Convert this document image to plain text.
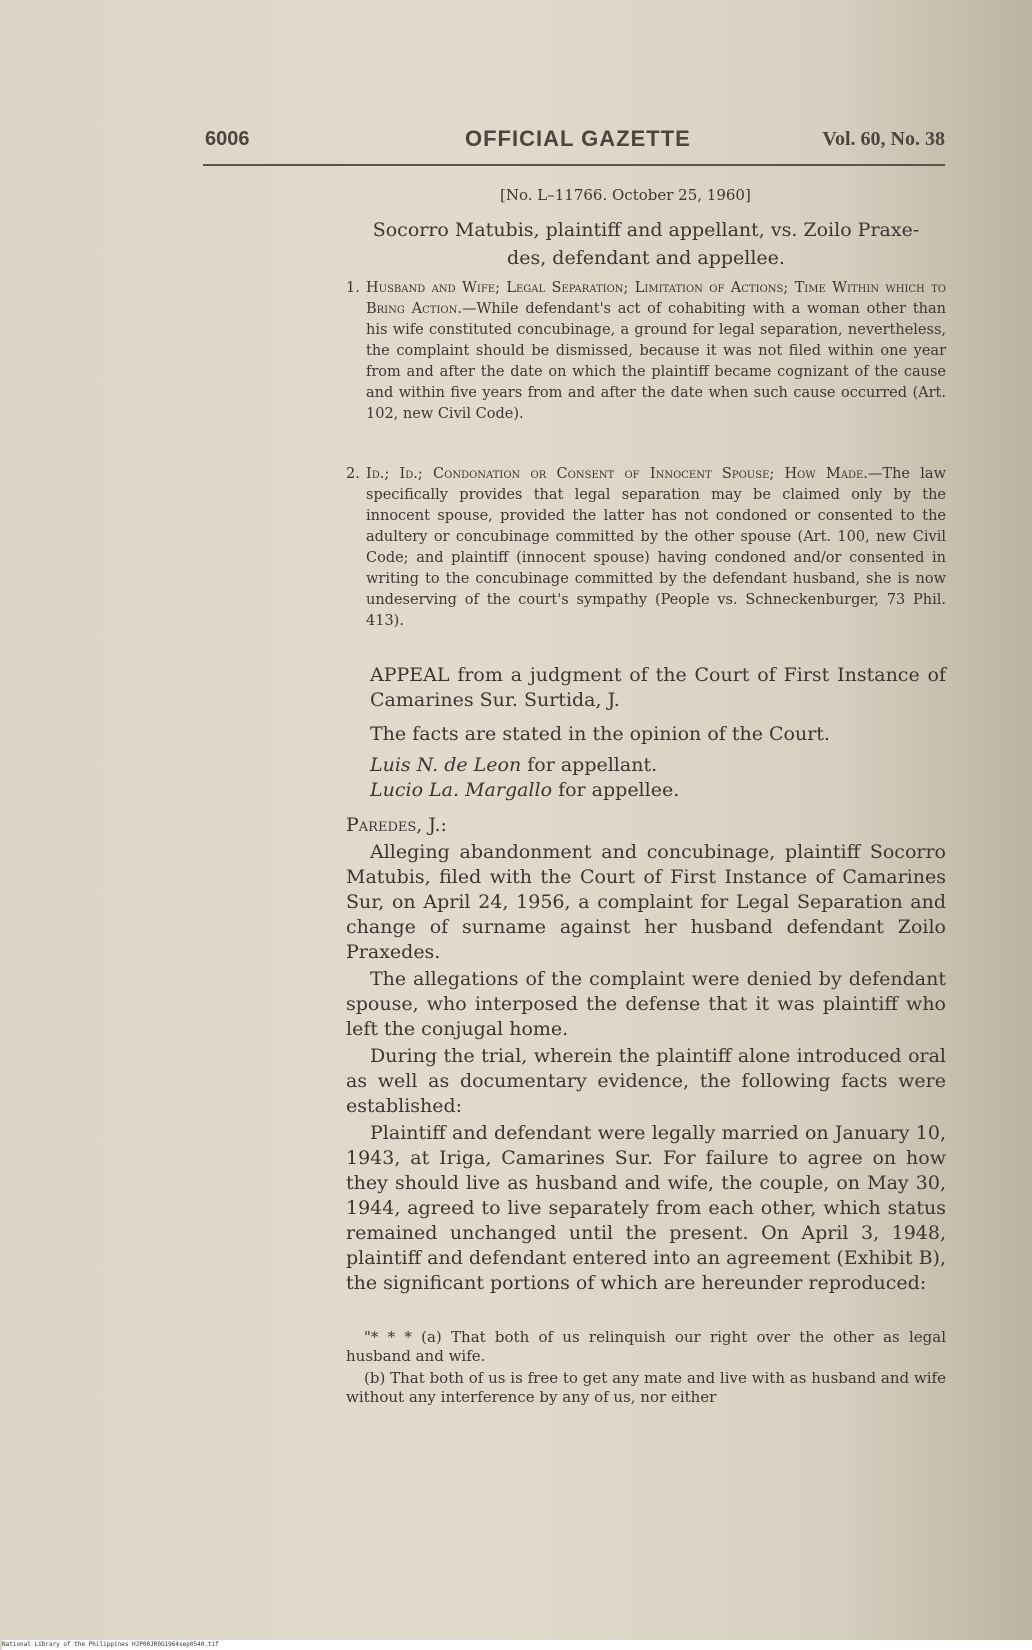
6006	OFFICIAL GAZETTE	Vol. 60, No. 38
[No. L–11766. October 25, 1960]
Socorro Matubis, plaintiff and appellant, vs. Zoilo Praxe-
des, defendant and appellee.
1. Husband and Wife; Legal Separation; Limitation of Actions; Time Within which to Bring Action.—While defendant's act of cohabiting with a woman other than his wife constituted concubinage, a ground for legal separation, nevertheless, the complaint should be dismissed, because it was not filed within one year from and after the date on which the plaintiff became cognizant of the cause and within five years from and after the date when such cause occurred (Art. 102, new Civil Code).
2. Id.; Id.; Condonation or Consent of Innocent Spouse; How Made.—The law specifically provides that legal separation may be claimed only by the innocent spouse, provided the latter has not condoned or consented to the adultery or concubinage committed by the other spouse (Art. 100, new Civil Code; and plaintiff (innocent spouse) having condoned and/or consented in writing to the concubinage committed by the defendant husband, she is now undeserving of the court's sympathy (People vs. Schneckenburger, 73 Phil. 413).
APPEAL from a judgment of the Court of First Instance of Camarines Sur. Surtida, J.
The facts are stated in the opinion of the Court.
Luis N. de Leon for appellant.
Lucio La. Margallo for appellee.
Paredes, J.:

Alleging abandonment and concubinage, plaintiff Socorro Matubis, filed with the Court of First Instance of Camarines Sur, on April 24, 1956, a complaint for Legal Separation and change of surname against her husband defendant Zoilo Praxedes.

The allegations of the complaint were denied by defendant spouse, who interposed the defense that it was plaintiff who left the conjugal home.

During the trial, wherein the plaintiff alone introduced oral as well as documentary evidence, the following facts were established:

Plaintiff and defendant were legally married on January 10, 1943, at Iriga, Camarines Sur. For failure to agree on how they should live as husband and wife, the couple, on May 30, 1944, agreed to live separately from each other, which status remained unchanged until the present. On April 3, 1948, plaintiff and defendant entered into an agreement (Exhibit B), the significant portions of which are hereunder reproduced:

"* * * (a) That both of us relinquish our right over the other as legal husband and wife.

(b) That both of us is free to get any mate and live with as husband and wife without any interference by any of us, nor either

National Library of the Philippines HJP00JR0G1964sep0540.tif
